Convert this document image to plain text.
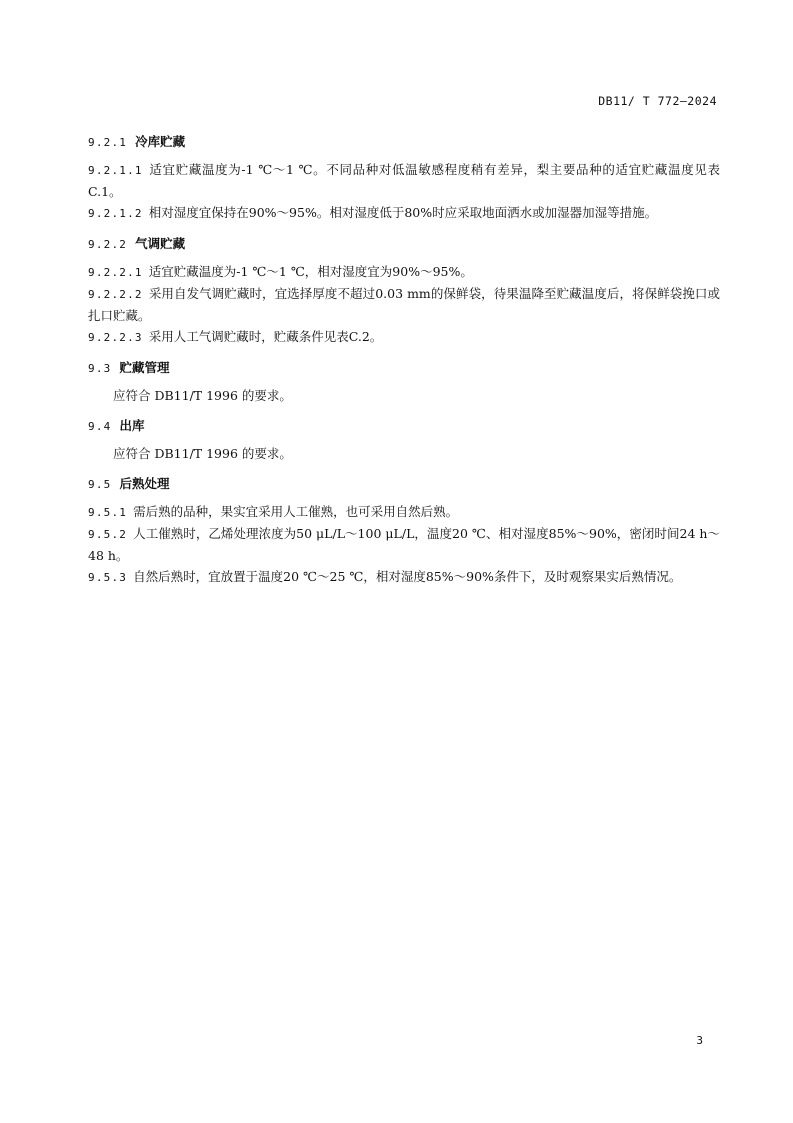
DB11/ T 772—2024
9.2.1 冷库贮藏

9.2.1.1 适宜贮藏温度为-1 ℃～1 ℃。不同品种对低温敏感程度稍有差异，梨主要品种的适宜贮藏温度见表C.1。

9.2.1.2 相对湿度宜保持在90%～95%。相对湿度低于80%时应采取地面洒水或加湿器加湿等措施。

9.2.2 气调贮藏

9.2.2.1 适宜贮藏温度为-1 ℃～1 ℃，相对湿度宜为90%～95%。

9.2.2.2 采用自发气调贮藏时，宜选择厚度不超过0.03 mm的保鲜袋，待果温降至贮藏温度后，将保鲜袋挽口或扎口贮藏。

9.2.2.3 采用人工气调贮藏时，贮藏条件见表C.2。

9.3 贮藏管理

应符合 DB11/T 1996 的要求。

9.4 出库

应符合 DB11/T 1996 的要求。

9.5 后熟处理

9.5.1 需后熟的品种，果实宜采用人工催熟，也可采用自然后熟。

9.5.2 人工催熟时，乙烯处理浓度为50 μL/L～100 μL/L，温度20 ℃、相对湿度85%～90%，密闭时间24 h～48 h。

9.5.3 自然后熟时，宜放置于温度20 ℃～25 ℃，相对湿度85%～90%条件下，及时观察果实后熟情况。

3
